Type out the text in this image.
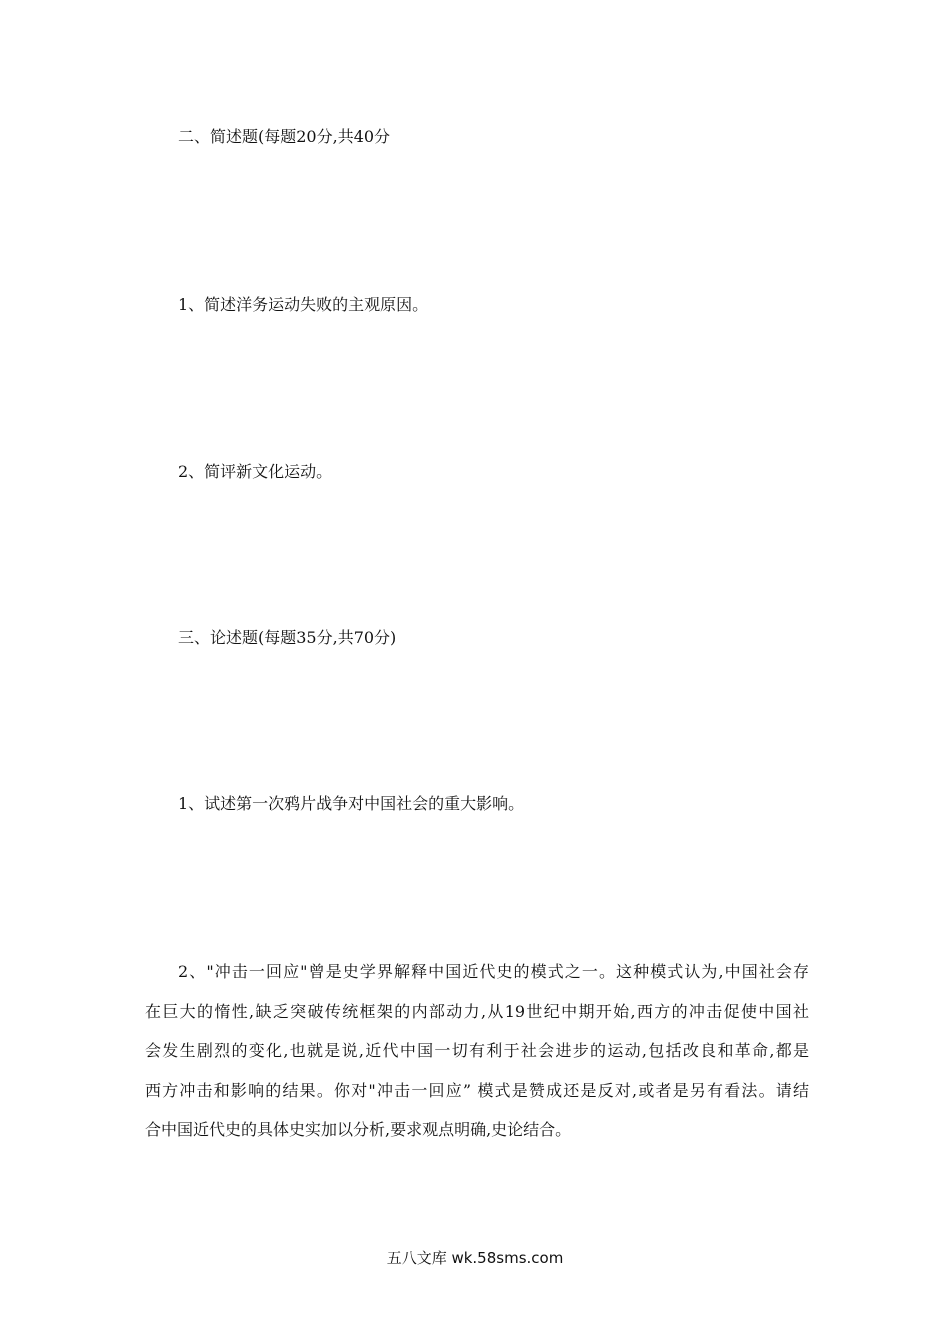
二、简述题(每题20分,共40分
1、简述洋务运动失败的主观原因。
2、简评新文化运动。
三、论述题(每题35分,共70分)
1、试述第一次鸦片战争对中国社会的重大影响。
2、"冲击一回应"曾是史学界解释中国近代史的模式之一。这种模式认为,中国社会存
在巨大的惰性,缺乏突破传统框架的内部动力,从19世纪中期开始,西方的冲击促使中国社
会发生剧烈的变化,也就是说,近代中国一切有利于社会进步的运动,包括改良和革命,都是
西方冲击和影响的结果。你对"冲击一回应” 模式是赞成还是反对,或者是另有看法。请结
合中国近代史的具体史实加以分析,要求观点明确,史论结合。
五八文库 wk.58sms.com
